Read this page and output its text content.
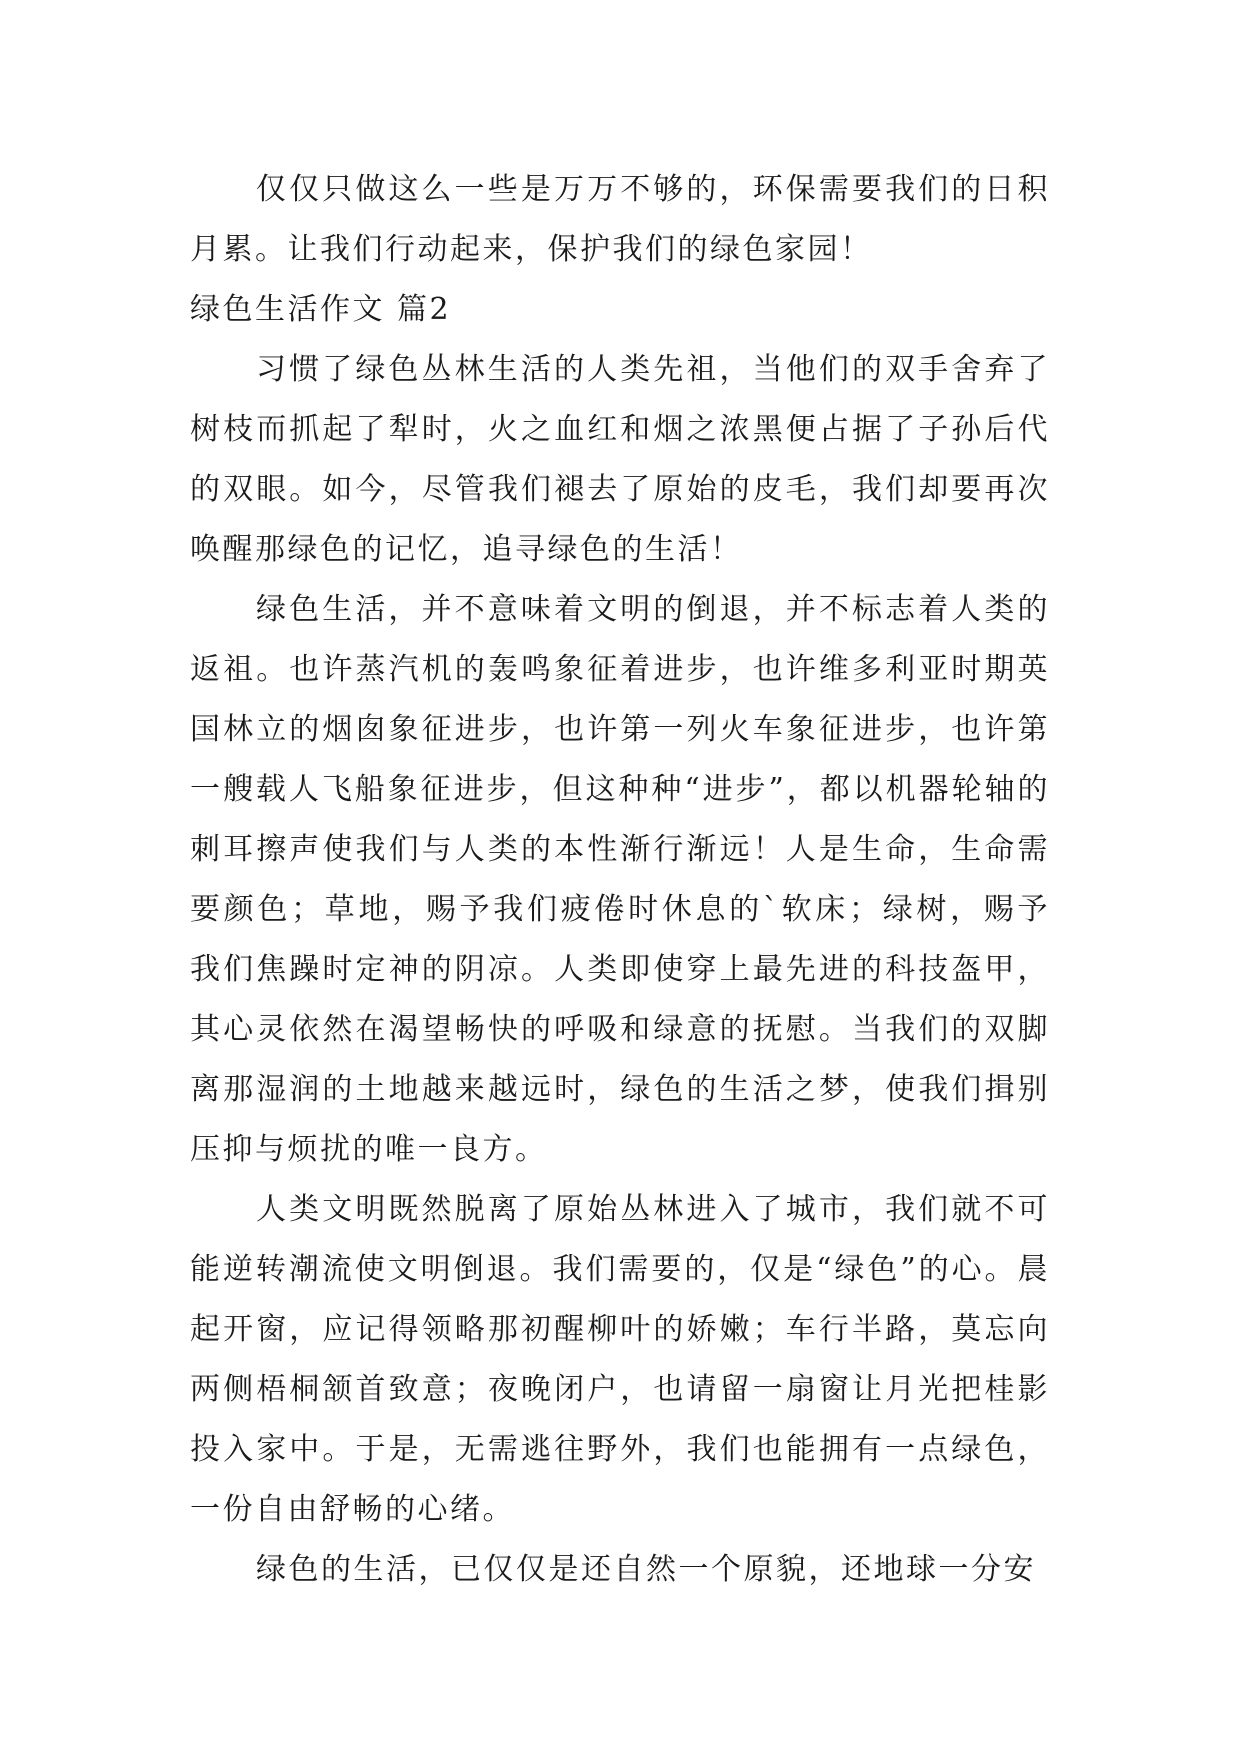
仅仅只做这么一些是万万不够的，环保需要我们的日积月累。让我们行动起来，保护我们的绿色家园！

绿色生活作文 篇2

习惯了绿色丛林生活的人类先祖，当他们的双手舍弃了树枝而抓起了犁时，火之血红和烟之浓黑便占据了子孙后代的双眼。如今，尽管我们褪去了原始的皮毛，我们却要再次唤醒那绿色的记忆，追寻绿色的生活！

绿色生活，并不意味着文明的倒退，并不标志着人类的返祖。也许蒸汽机的轰鸣象征着进步，也许维多利亚时期英国林立的烟囱象征进步，也许第一列火车象征进步，也许第一艘载人飞船象征进步，但这种种“进步”，都以机器轮轴的刺耳擦声使我们与人类的本性渐行渐远！人是生命，生命需要颜色；草地，赐予我们疲倦时休息的`软床；绿树，赐予我们焦躁时定神的阴凉。人类即使穿上最先进的科技盔甲，其心灵依然在渴望畅快的呼吸和绿意的抚慰。当我们的双脚离那湿润的土地越来越远时，绿色的生活之梦，使我们揖别压抑与烦扰的唯一良方。

人类文明既然脱离了原始丛林进入了城市，我们就不可能逆转潮流使文明倒退。我们需要的，仅是“绿色”的心。晨起开窗，应记得领略那初醒柳叶的娇嫩；车行半路，莫忘向两侧梧桐颔首致意；夜晚闭户，也请留一扇窗让月光把桂影投入家中。于是，无需逃往野外，我们也能拥有一点绿色，一份自由舒畅的心绪。

绿色的生活，已仅仅是还自然一个原貌，还地球一分安
